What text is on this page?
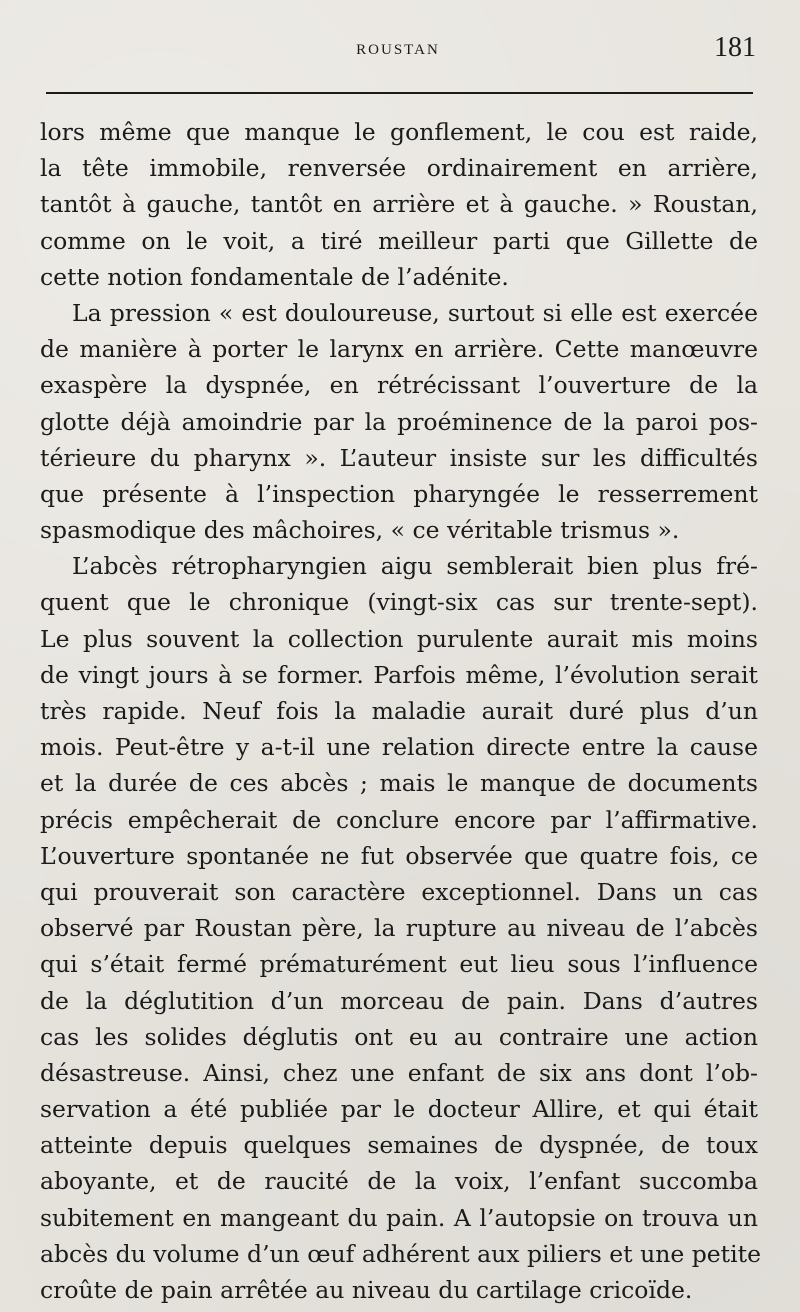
ROUSTAN	181
lors même que manque le gonflement, le cou est raide,
la tête immobile, renversée ordinairement en arrière,
tantôt à gauche, tantôt en arrière et à gauche. » Roustan,
comme on le voit, a tiré meilleur parti que Gillette de
cette notion fondamentale de l’adénite.
La pression « est douloureuse, surtout si elle est exercée
de manière à porter le larynx en arrière. Cette manœuvre
exaspère la dyspnée, en rétrécissant l’ouverture de la
glotte déjà amoindrie par la proéminence de la paroi pos-
térieure du pharynx ». L’auteur insiste sur les difficultés
que présente à l’inspection pharyngée le resserrement
spasmodique des mâchoires, « ce véritable trismus ».
L’abcès rétropharyngien aigu semblerait bien plus fré-
quent que le chronique (vingt-six cas sur trente-sept).
Le plus souvent la collection purulente aurait mis moins
de vingt jours à se former. Parfois même, l’évolution serait
très rapide. Neuf fois la maladie aurait duré plus d’un
mois. Peut-être y a-t-il une relation directe entre la cause
et la durée de ces abcès ; mais le manque de documents
précis empêcherait de conclure encore par l’affirmative.
L’ouverture spontanée ne fut observée que quatre fois, ce
qui prouverait son caractère exceptionnel. Dans un cas
observé par Roustan père, la rupture au niveau de l’abcès
qui s’était fermé prématurément eut lieu sous l’influence
de la déglutition d’un morceau de pain. Dans d’autres
cas les solides déglutis ont eu au contraire une action
désastreuse. Ainsi, chez une enfant de six ans dont l’ob-
servation a été publiée par le docteur Allire, et qui était
atteinte depuis quelques semaines de dyspnée, de toux
aboyante, et de raucité de la voix, l’enfant succomba
subitement en mangeant du pain. A l’autopsie on trouva un
abcès du volume d’un œuf adhérent aux piliers et une petite
croûte de pain arrêtée au niveau du cartilage cricoïde.
